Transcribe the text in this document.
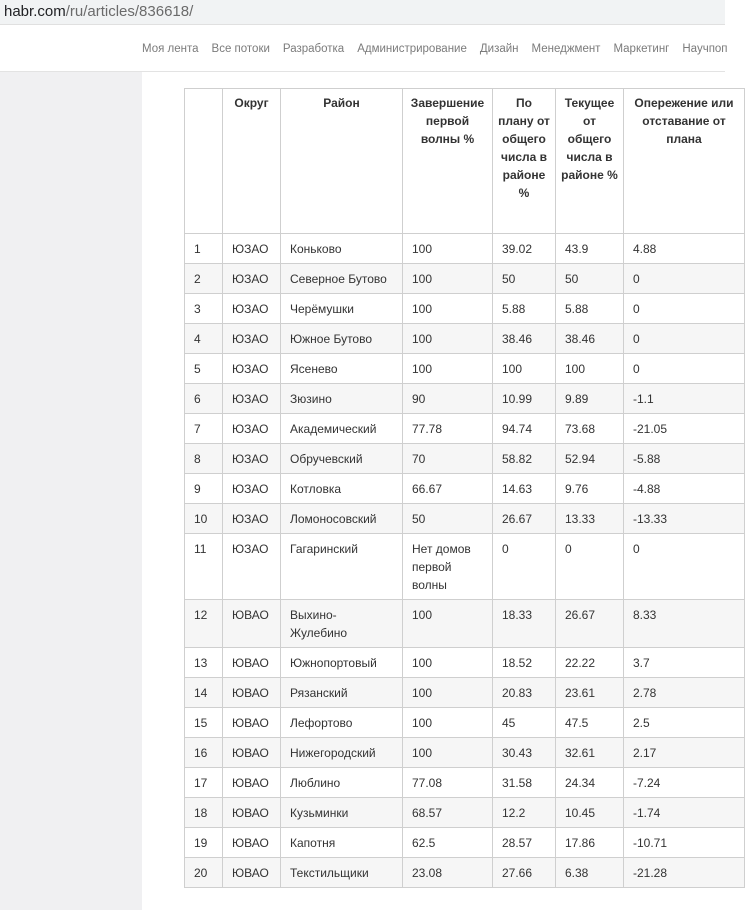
habr.com/ru/articles/836618/
Моя лента Все потоки Разработка Администрирование Дизайн Менеджмент Маркетинг Научпоп
	Округ	Район	Завершение первой волны %	По плану от общего числа в районе %	Текущее от общего числа в районе %	Опережение или отставание от плана
1	ЮЗАО	Коньково	100	39.02	43.9	4.88
2	ЮЗАО	Северное Бутово	100	50	50	0
3	ЮЗАО	Черёмушки	100	5.88	5.88	0
4	ЮЗАО	Южное Бутово	100	38.46	38.46	0
5	ЮЗАО	Ясенево	100	100	100	0
6	ЮЗАО	Зюзино	90	10.99	9.89	-1.1
7	ЮЗАО	Академический	77.78	94.74	73.68	-21.05
8	ЮЗАО	Обручевский	70	58.82	52.94	-5.88
9	ЮЗАО	Котловка	66.67	14.63	9.76	-4.88
10	ЮЗАО	Ломоносовский	50	26.67	13.33	-13.33
11	ЮЗАО	Гагаринский	Нет домов первой волны	0	0	0
12	ЮВАО	Выхино-Жулебино	100	18.33	26.67	8.33
13	ЮВАО	Южнопортовый	100	18.52	22.22	3.7
14	ЮВАО	Рязанский	100	20.83	23.61	2.78
15	ЮВАО	Лефортово	100	45	47.5	2.5
16	ЮВАО	Нижегородский	100	30.43	32.61	2.17
17	ЮВАО	Люблино	77.08	31.58	24.34	-7.24
18	ЮВАО	Кузьминки	68.57	12.2	10.45	-1.74
19	ЮВАО	Капотня	62.5	28.57	17.86	-10.71
20	ЮВАО	Текстильщики	23.08	27.66	6.38	-21.28
